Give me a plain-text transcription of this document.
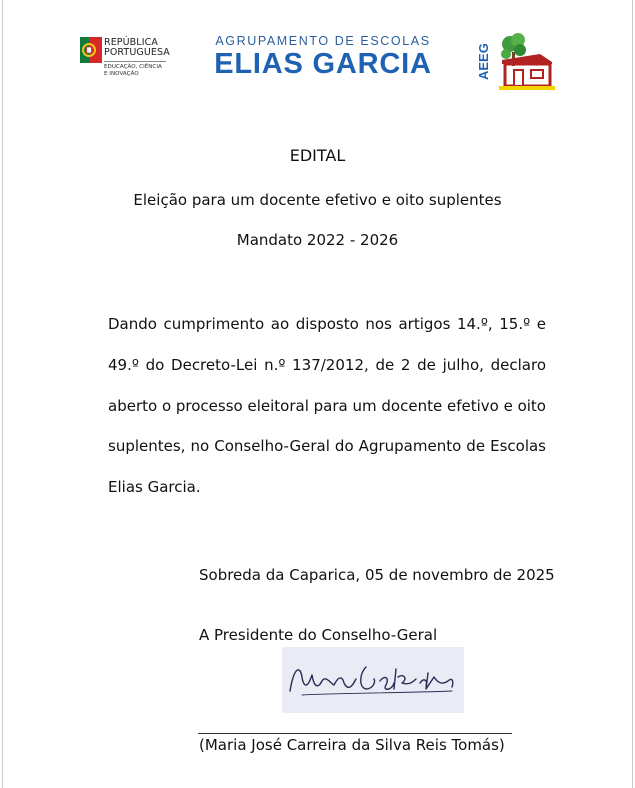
REPÚBLICA
PORTUGUESA
EDUCAÇÃO, CIÊNCIA
E INOVAÇÃO
AGRUPAMENTO DE ESCOLAS
ELIAS GARCIA	AEEG
EDITAL
Eleição para um docente efetivo e oito suplentes
Mandato 2022 - 2026
Dando cumprimento ao disposto nos artigos 14.º, 15.º e
49.º do Decreto-Lei n.º 137/2012, de 2 de julho, declaro
aberto o processo eleitoral para um docente efetivo e oito
suplentes, no Conselho-Geral do Agrupamento de Escolas
Elias Garcia.
Sobreda da Caparica, 05 de novembro de 2025
A Presidente do Conselho-Geral
(Maria José Carreira da Silva Reis Tomás)
